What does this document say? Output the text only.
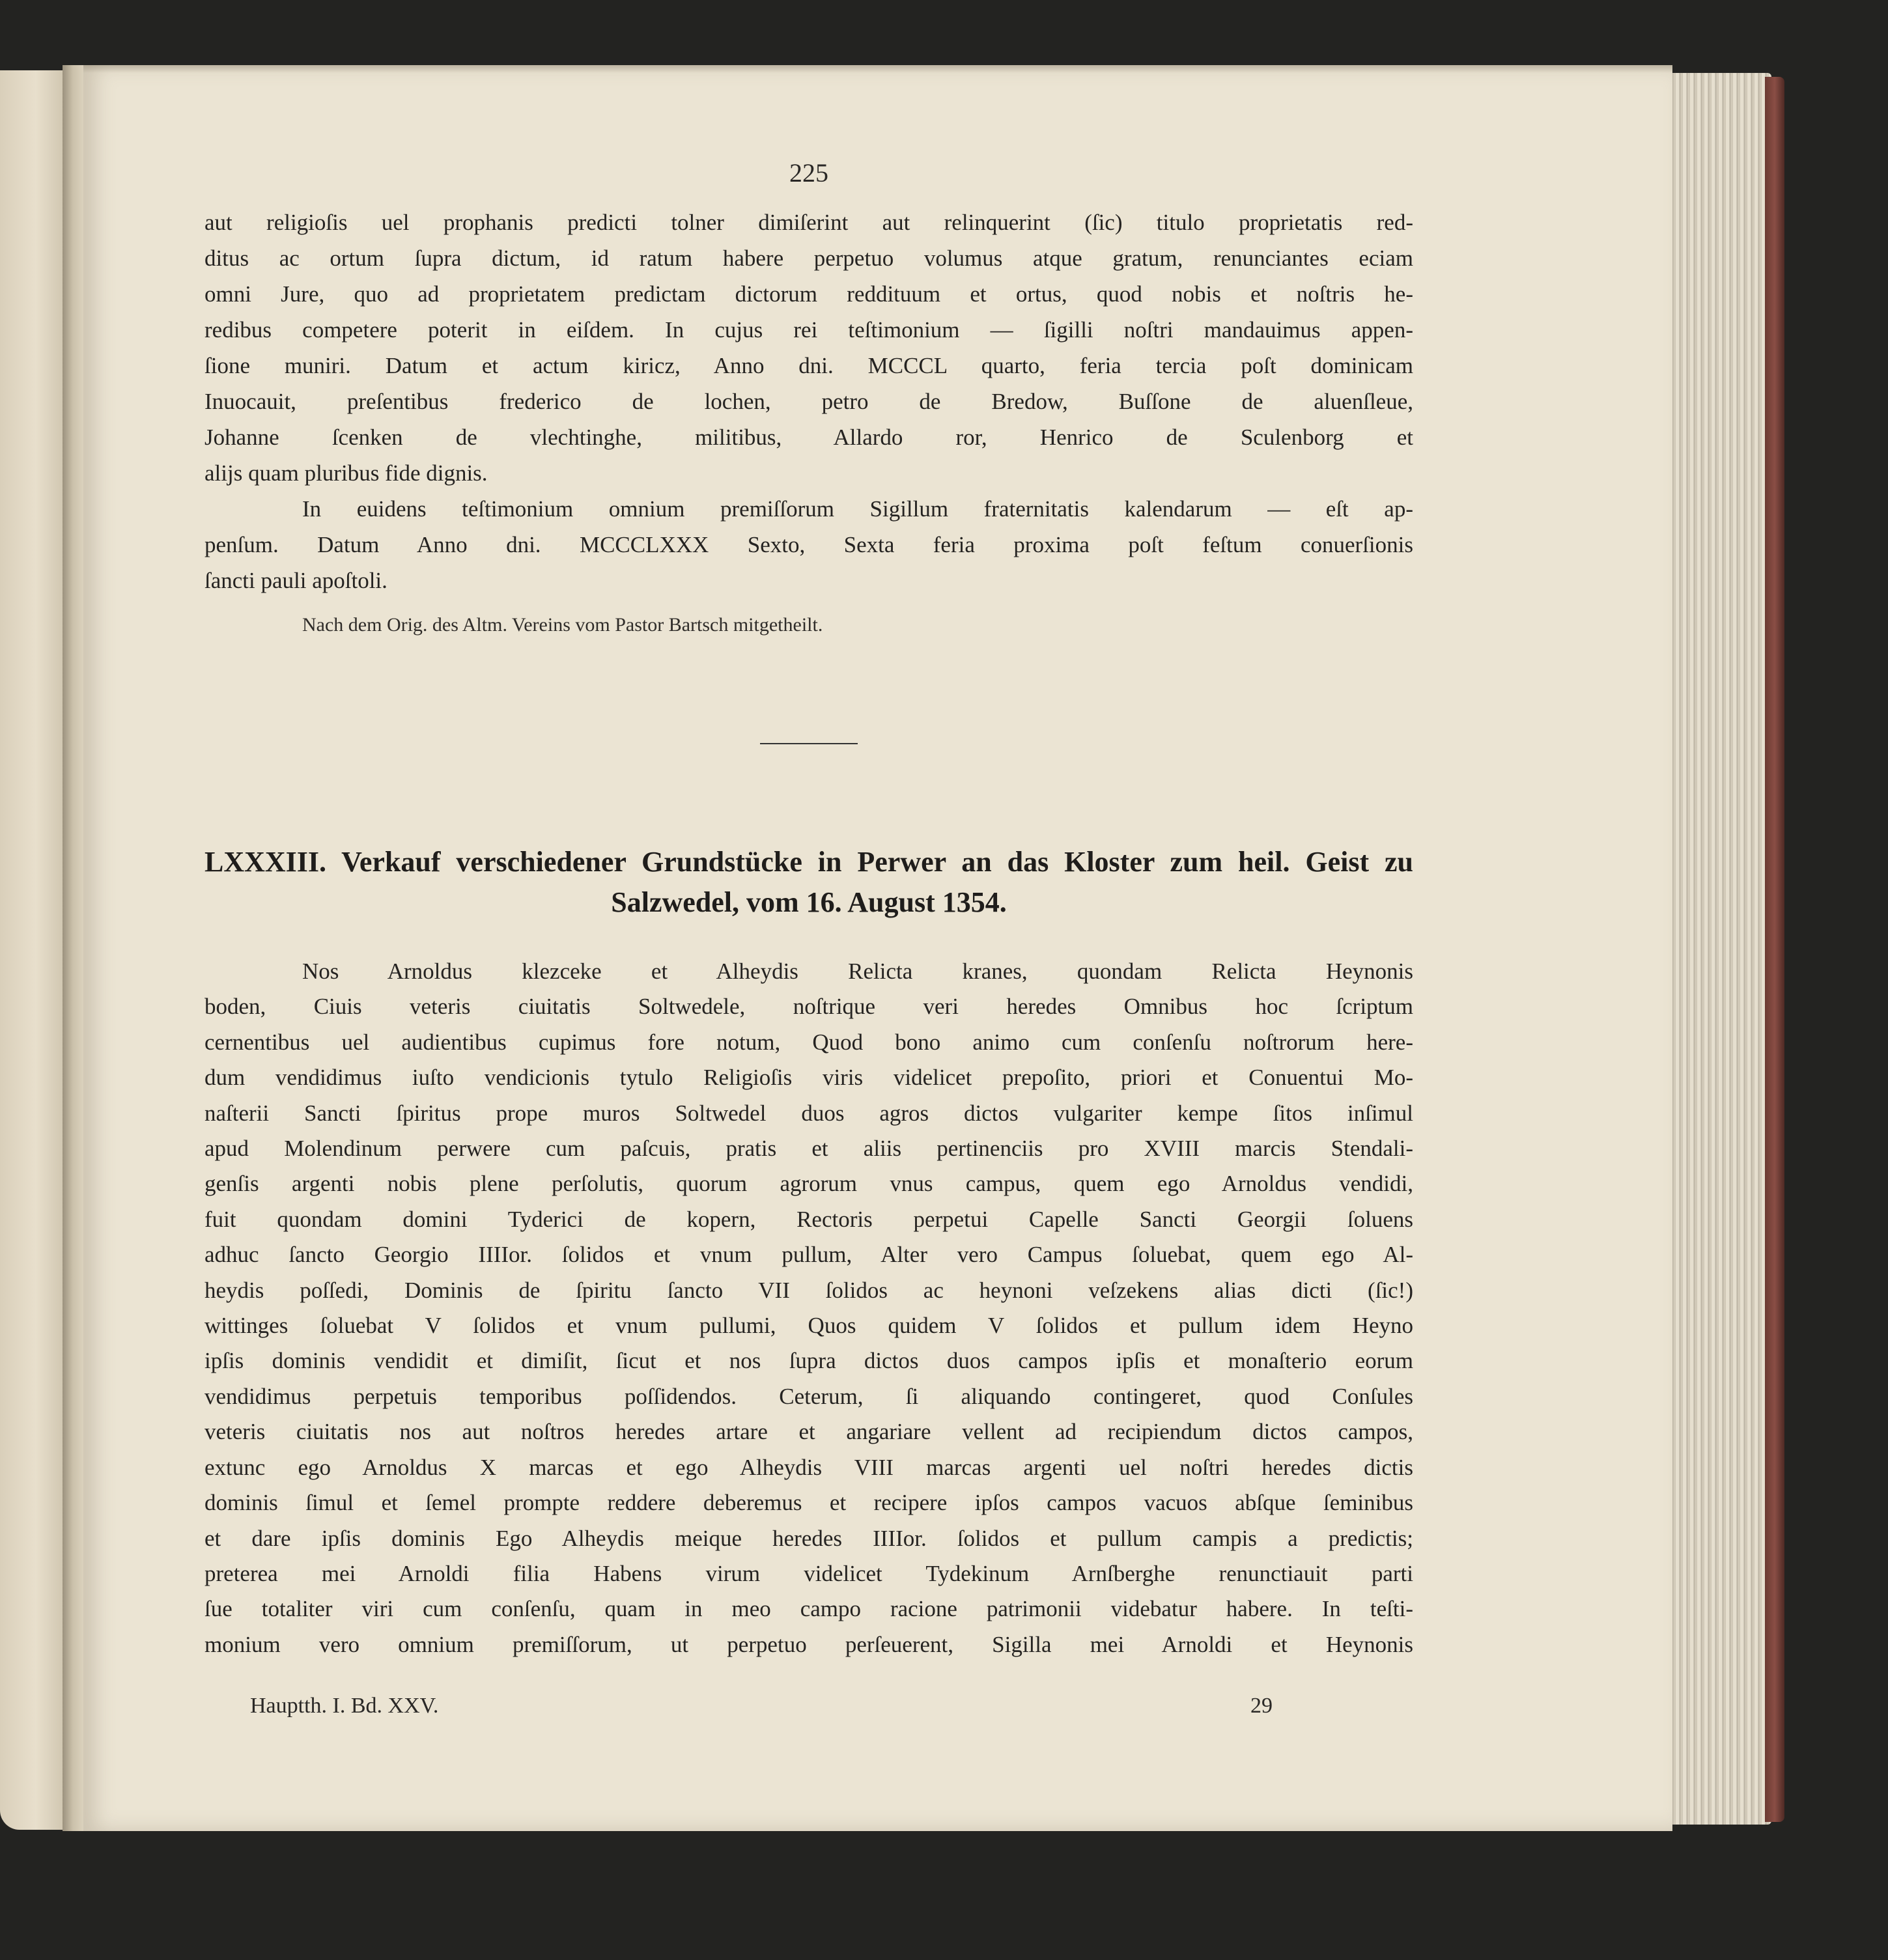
225
aut religioſis uel prophanis predicti tolner dimiſerint aut relinquerint (ſic) titulo proprietatis red-
ditus ac ortum ſupra dictum, id ratum habere perpetuo volumus atque gratum, renunciantes eciam
omni Jure, quo ad proprietatem predictam dictorum reddituum et ortus, quod nobis et noſtris he-
redibus competere poterit in eiſdem. In cujus rei teſtimonium — ſigilli noſtri mandauimus appen-
ſione muniri. Datum et actum kiricz, Anno dni. MCCCL quarto, feria tercia poſt dominicam
Inuocauit, preſentibus frederico de lochen, petro de Bredow, Buſſone de aluenſleue,
Johanne ſcenken de vlechtinghe, militibus, Allardo ror, Henrico de Sculenborg et
alijs quam pluribus fide dignis.
In euidens teſtimonium omnium premiſſorum Sigillum fraternitatis kalendarum — eſt ap-
penſum. Datum Anno dni. MCCCLXXX Sexto, Sexta feria proxima poſt feſtum conuerſionis
ſancti pauli apoſtoli.
Nach dem Orig. des Altm. Vereins vom Pastor Bartsch mitgetheilt.
LXXXIII. Verkauf verschiedener Grundstücke in Perwer an das Kloster zum heil. Geist zu
Salzwedel, vom 16. August 1354.
Nos Arnoldus klezceke et Alheydis Relicta kranes, quondam Relicta Heynonis
boden, Ciuis veteris ciuitatis Soltwedele, noſtrique veri heredes Omnibus hoc ſcriptum
cernentibus uel audientibus cupimus fore notum, Quod bono animo cum conſenſu noſtrorum here-
dum vendidimus iuſto vendicionis tytulo Religioſis viris videlicet prepoſito, priori et Conuentui Mo-
naſterii Sancti ſpiritus prope muros Soltwedel duos agros dictos vulgariter kempe ſitos inſimul
apud Molendinum perwere cum paſcuis, pratis et aliis pertinenciis pro XVIII marcis Stendali-
genſis argenti nobis plene perſolutis, quorum agrorum vnus campus, quem ego Arnoldus vendidi,
fuit quondam domini Tyderici de kopern, Rectoris perpetui Capelle Sancti Georgii ſoluens
adhuc ſancto Georgio IIIIor. ſolidos et vnum pullum, Alter vero Campus ſoluebat, quem ego Al-
heydis poſſedi, Dominis de ſpiritu ſancto VII ſolidos ac heynoni veſzekens alias dicti (ſic!)
wittinges ſoluebat V ſolidos et vnum pullumi, Quos quidem V ſolidos et pullum idem Heyno
ipſis dominis vendidit et dimiſit, ſicut et nos ſupra dictos duos campos ipſis et monaſterio eorum
vendidimus perpetuis temporibus poſſidendos. Ceterum, ſi aliquando contingeret, quod Conſules
veteris ciuitatis nos aut noſtros heredes artare et angariare vellent ad recipiendum dictos campos,
extunc ego Arnoldus X marcas et ego Alheydis VIII marcas argenti uel noſtri heredes dictis
dominis ſimul et ſemel prompte reddere deberemus et recipere ipſos campos vacuos abſque ſeminibus
et dare ipſis dominis Ego Alheydis meique heredes IIIIor. ſolidos et pullum campis a predictis;
preterea mei Arnoldi filia Habens virum videlicet Tydekinum Arnſberghe renunctiauit parti
ſue totaliter viri cum conſenſu, quam in meo campo racione patrimonii videbatur habere. In teſti-
monium vero omnium premiſſorum, ut perpetuo perſeuerent, Sigilla mei Arnoldi et Heynonis
Hauptth. I. Bd. XXV.	29
